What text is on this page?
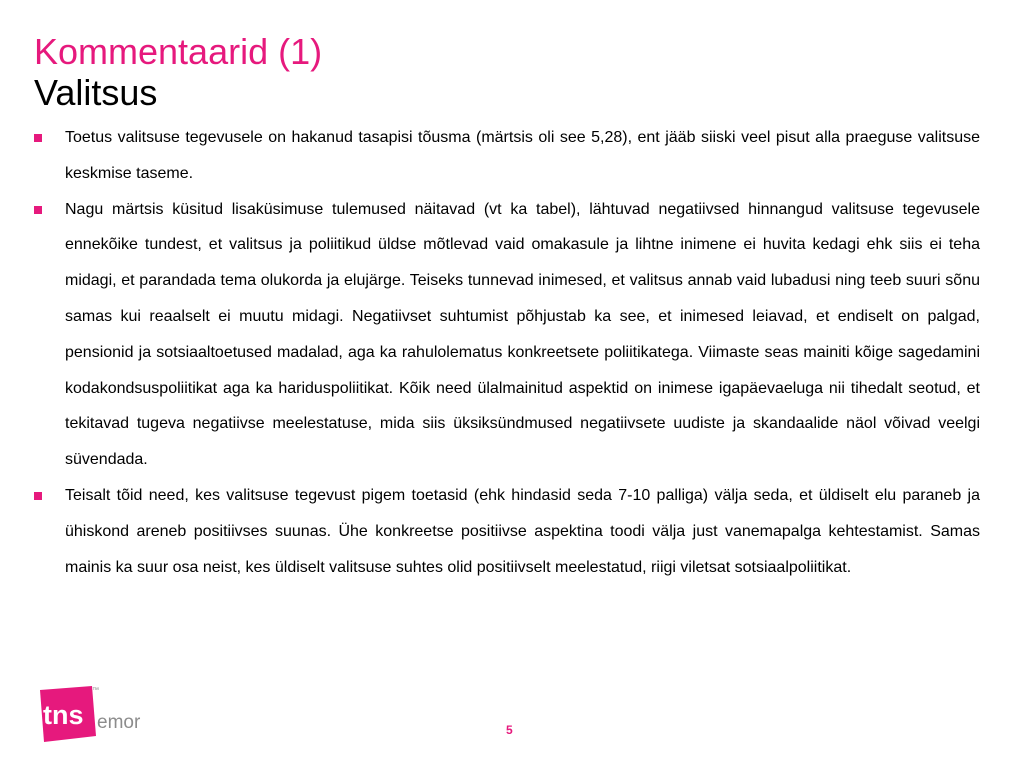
Kommentaarid (1)
Valitsus
Toetus valitsuse tegevusele on hakanud tasapisi tõusma (märtsis oli see 5,28), ent jääb siiski veel pisut alla praeguse valitsuse keskmise taseme.
Nagu märtsis küsitud lisaküsimuse tulemused näitavad (vt ka tabel), lähtuvad negatiivsed hinnangud valitsuse tegevusele ennekõike tundest, et valitsus ja poliitikud üldse mõtlevad vaid omakasule ja lihtne inimene ei huvita kedagi ehk siis ei teha midagi, et parandada tema olukorda ja elujärge. Teiseks tunnevad inimesed, et valitsus annab vaid lubadusi ning teeb suuri sõnu samas kui reaalselt ei muutu midagi. Negatiivset suhtumist põhjustab ka see, et inimesed leiavad, et endiselt on palgad, pensionid ja sotsiaaltoetused madalad, aga ka rahulolematus konkreetsete poliitikatega. Viimaste seas mainiti kõige sagedamini kodakondsuspoliitikat aga ka hariduspoliitikat. Kõik need ülalmainitud aspektid on inimese igapäevaeluga nii tihedalt seotud, et tekitavad tugeva negatiivse meelestatuse, mida siis üksiksündmused negatiivsete uudiste ja skandaalide näol võivad veelgi süvendada.
Teisalt tõid need, kes valitsuse tegevust pigem toetasid (ehk hindasid seda 7-10 palliga) välja seda, et üldiselt elu paraneb ja ühiskond areneb positiivses suunas. Ühe konkreetse positiivse aspektina toodi välja just vanemapalga kehtestamist. Samas mainis ka suur osa neist, kes üldiselt valitsuse suhtes olid positiivselt meelestatud, riigi viletsat sotsiaalpoliitikat.
tns
™
emor	5
